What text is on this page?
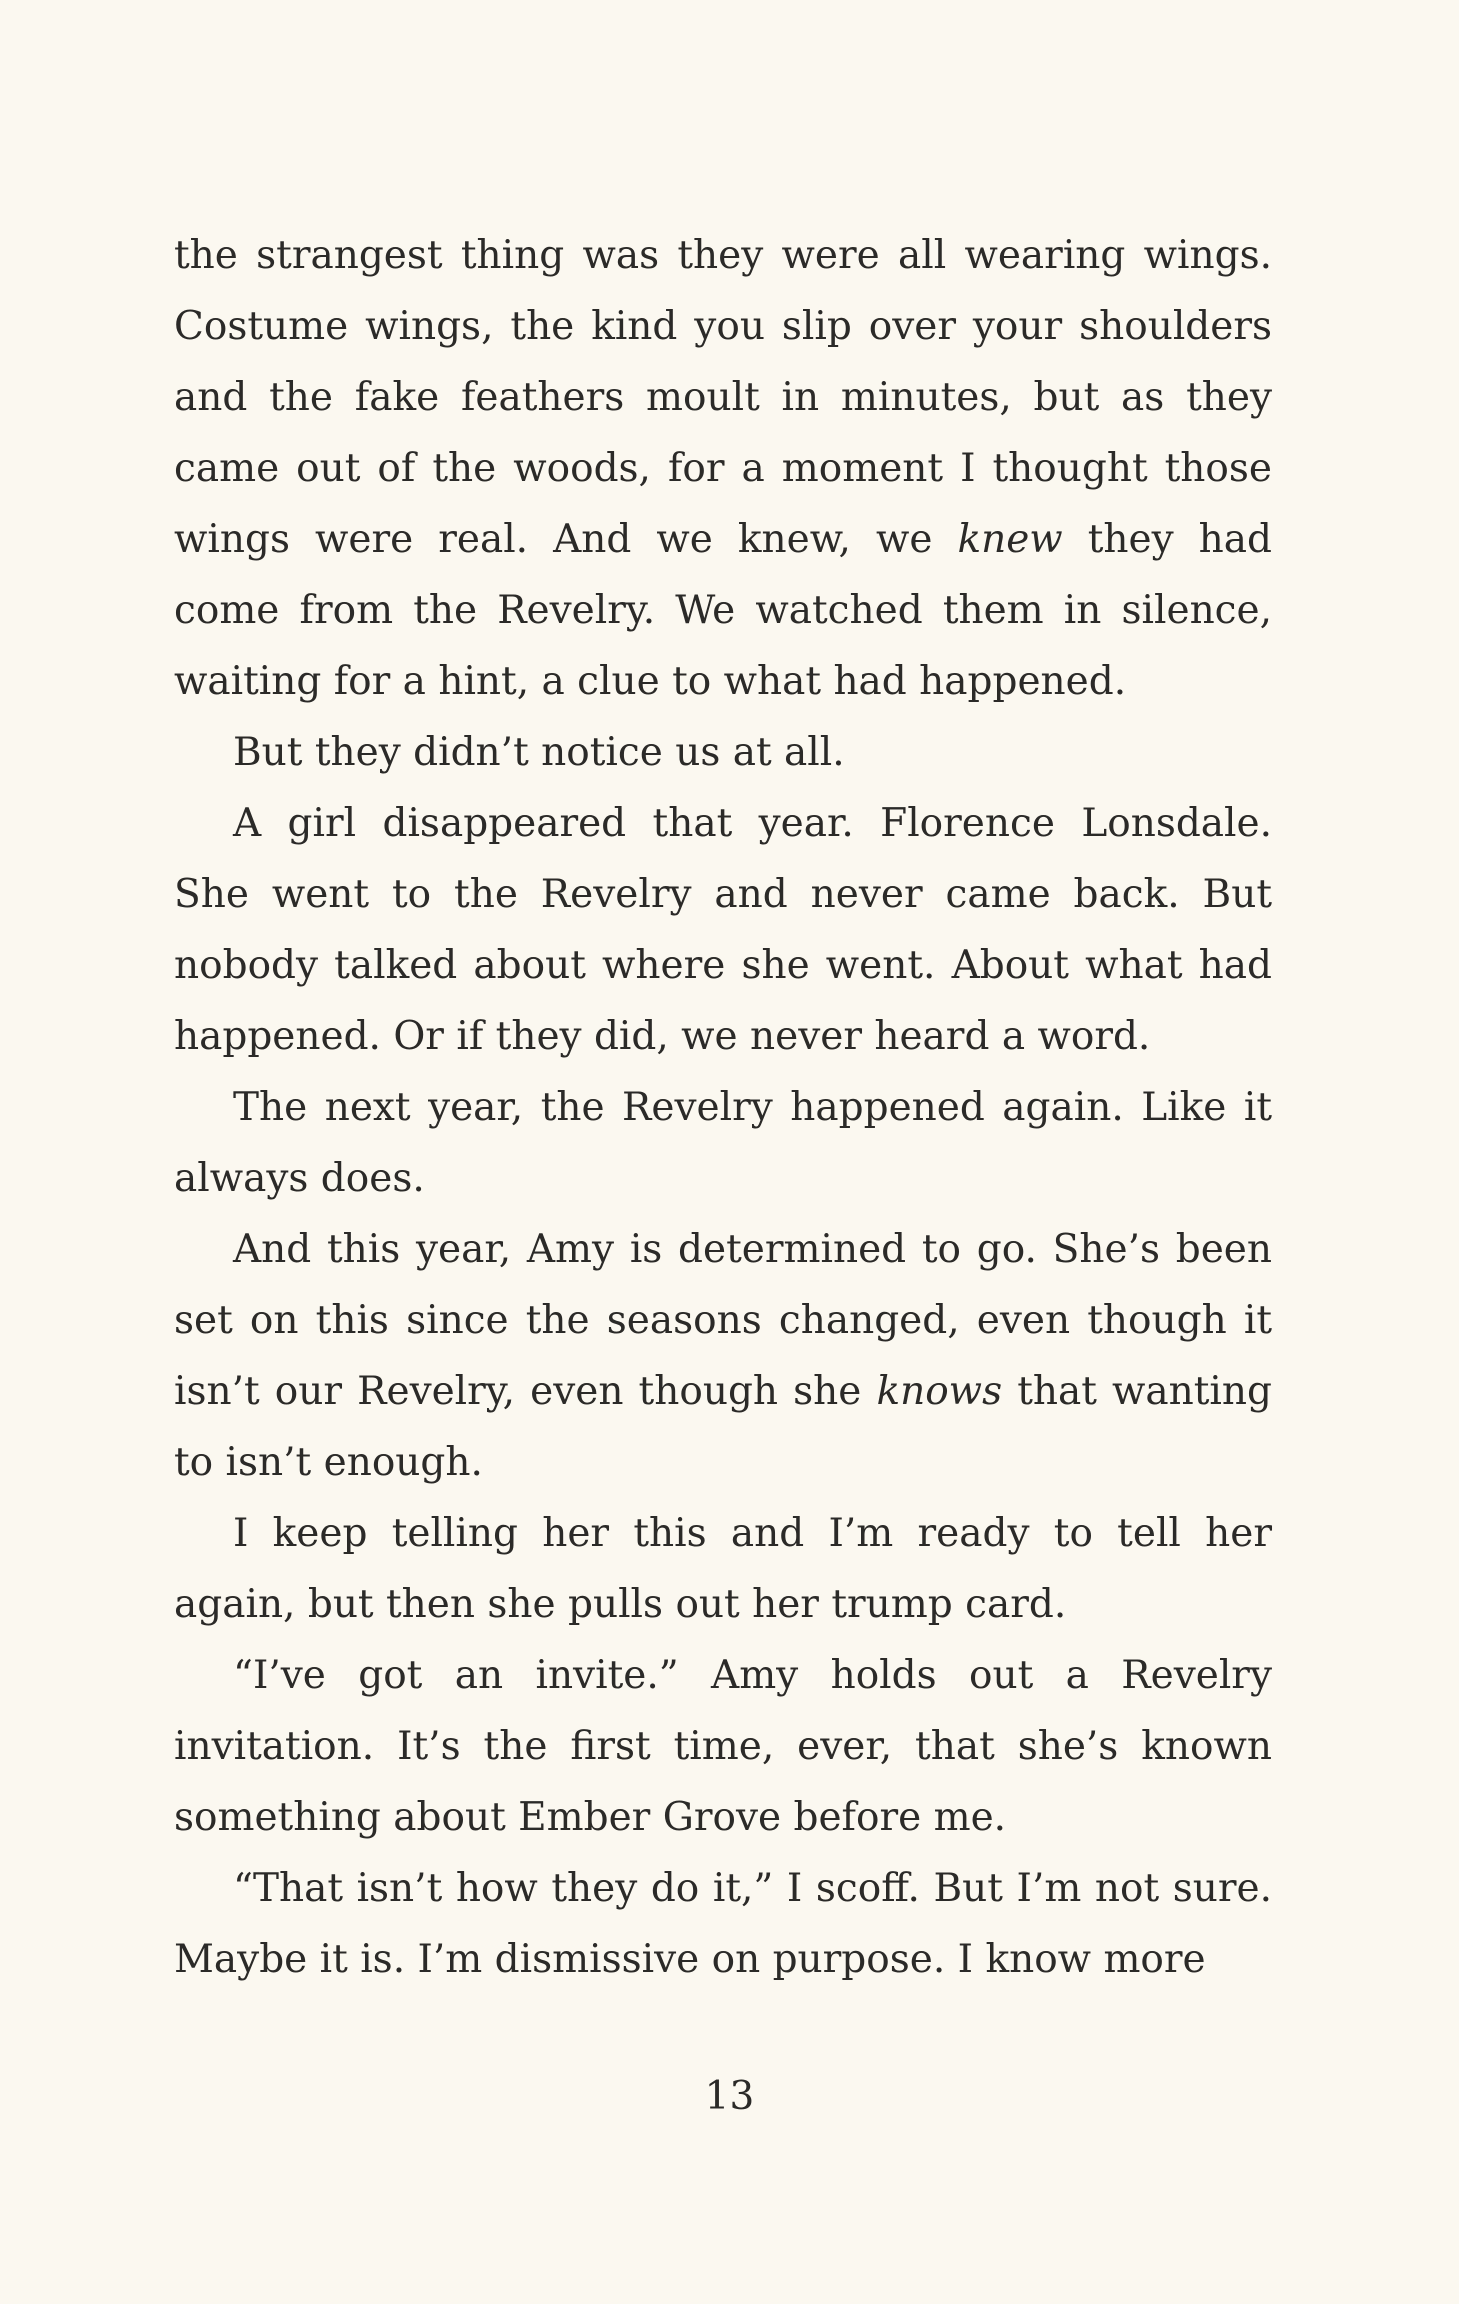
the strangest thing was they were all wearing wings. Costume wings, the kind you slip over your shoulders and the fake feathers moult in minutes, but as they came out of the woods, for a moment I thought those wings were real. And we knew, we knew they had come from the Revelry. We watched them in silence, waiting for a hint, a clue to what had happened.

But they didn’t notice us at all.

A girl disappeared that year. Florence Lonsdale. She went to the Revelry and never came back. But nobody talked about where she went. About what had happened. Or if they did, we never heard a word.

The next year, the Revelry happened again. Like it always does.

And this year, Amy is determined to go. She’s been set on this since the seasons changed, even though it isn’t our Revelry, even though she knows that wanting to isn’t enough.

I keep telling her this and I’m ready to tell her again, but then she pulls out her trump card.

“I’ve got an invite.” Amy holds out a Revelry invitation. It’s the first time, ever, that she’s known something about Ember Grove before me.

“That isn’t how they do it,” I scoff. But I’m not sure. Maybe it is. I’m dismissive on purpose. I know more

13
